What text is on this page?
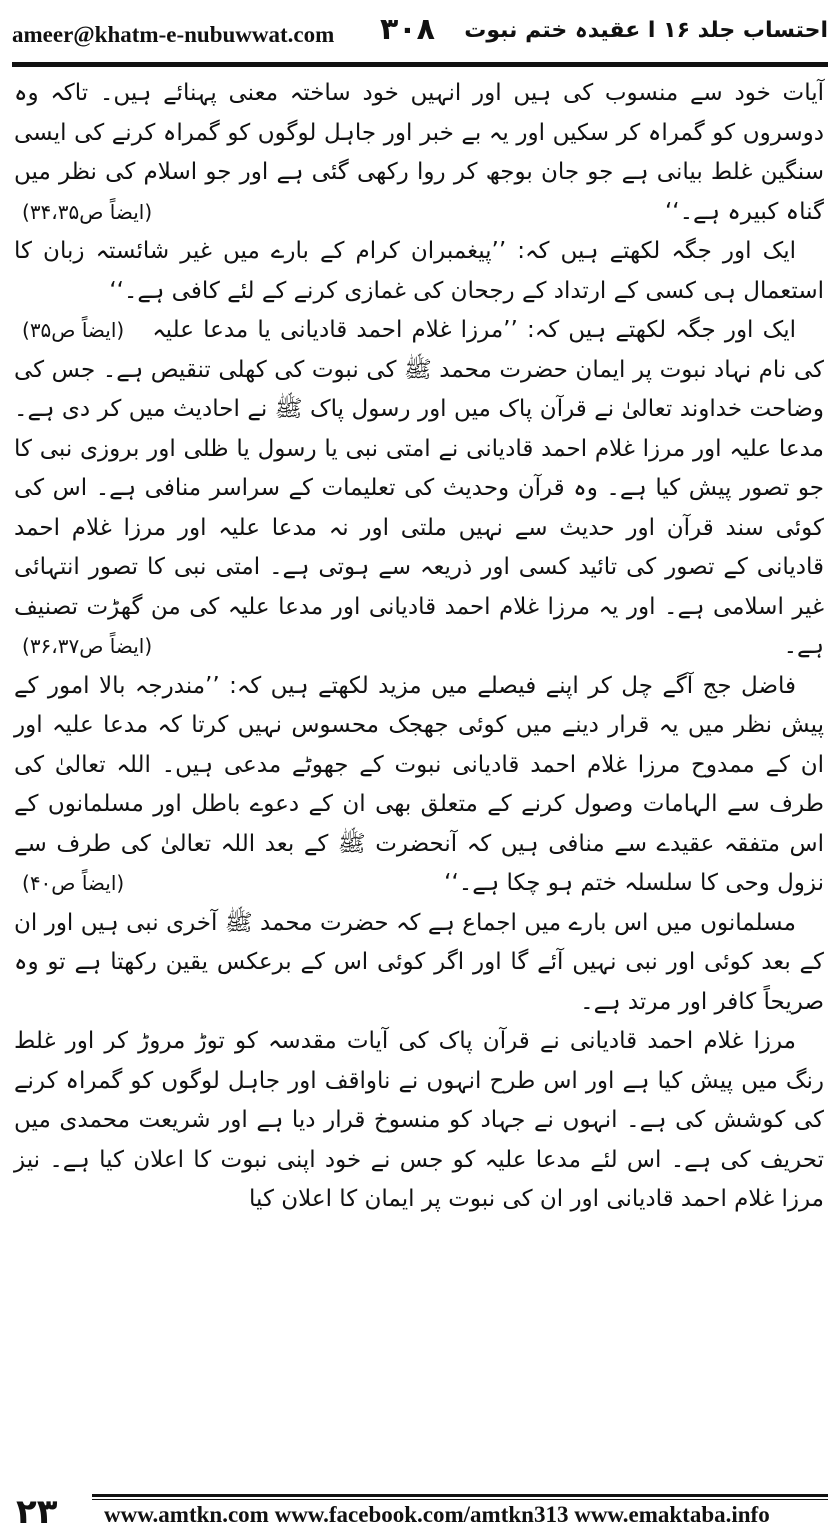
ameer@khatm-e-nubuwwat.com ۳۰۸ احتساب جلد ۱۶ ا عقیدہ ختم نبوت

آیات خود سے منسوب کی ہیں اور انہیں خود ساختہ معنی پہنائے ہیں۔ تاکہ وہ دوسروں کو گمراہ کر سکیں اور یہ بے خبر اور جاہل لوگوں کو گمراہ کرنے کی ایسی سنگین غلط بیانی ہے جو جان بوجھ کر روا رکھی گئی ہے اور جو اسلام کی نظر میں گناہ کبیرہ ہے۔‘‘
(ایضاً ص۳۴،۳۵)

ایک اور جگہ لکھتے ہیں کہ: ’’پیغمبران کرام کے بارے میں غیر شائستہ زبان کا استعمال ہی کسی کے ارتداد کے رجحان کی غمازی کرنے کے لئے کافی ہے۔‘‘
(ایضاً ص۳۵)	ایک اور جگہ لکھتے ہیں کہ: ’’مرزا غلام احمد قادیانی یا مدعا علیہ کی نام نہاد نبوت پر ایمان حضرت محمد ﷺ کی نبوت کی کھلی تنقیص ہے۔ جس کی وضاحت خداوند تعالیٰ نے قرآن پاک میں اور رسول پاک ﷺ نے احادیث میں کر دی ہے۔ مدعا علیہ اور مرزا غلام احمد قادیانی نے امتی نبی یا رسول یا ظلی اور بروزی نبی کا جو تصور پیش کیا ہے۔ وہ قرآن وحدیث کی تعلیمات کے سراسر منافی ہے۔ اس کی کوئی سند قرآن اور حدیث سے نہیں ملتی اور نہ مدعا علیہ اور مرزا غلام احمد قادیانی کے تصور کی تائید کسی اور ذریعہ سے ہوتی ہے۔ امتی نبی کا تصور انتہائی غیر اسلامی ہے۔ اور یہ مرزا غلام احمد قادیانی اور مدعا علیہ کی من گھڑت تصنیف ہے۔
(ایضاً ص۳۶،۳۷)

فاضل جج آگے چل کر اپنے فیصلے میں مزید لکھتے ہیں کہ: ’’مندرجہ بالا امور کے پیش نظر میں یہ قرار دینے میں کوئی جھجک محسوس نہیں کرتا کہ مدعا علیہ اور ان کے ممدوح مرزا غلام احمد قادیانی نبوت کے جھوٹے مدعی ہیں۔ اللہ تعالیٰ کی طرف سے الہامات وصول کرنے کے متعلق بھی ان کے دعوے باطل اور مسلمانوں کے اس متفقہ عقیدے سے منافی ہیں کہ آنحضرت ﷺ کے بعد اللہ تعالیٰ کی طرف سے نزول وحی کا سلسلہ ختم ہو چکا ہے۔‘‘
(ایضاً ص۴۰)

مسلمانوں میں اس بارے میں اجماع ہے کہ حضرت محمد ﷺ آخری نبی ہیں اور ان کے بعد کوئی اور نبی نہیں آئے گا اور اگر کوئی اس کے برعکس یقین رکھتا ہے تو وہ صریحاً کافر اور مرتد ہے۔

مرزا غلام احمد قادیانی نے قرآن پاک کی آیات مقدسہ کو توڑ مروڑ کر اور غلط رنگ میں پیش کیا ہے اور اس طرح انہوں نے ناواقف اور جاہل لوگوں کو گمراہ کرنے کی کوشش کی ہے۔ انہوں نے جہاد کو منسوخ قرار دیا ہے اور شریعت محمدی میں تحریف کی ہے۔ اس لئے مدعا علیہ کو جس نے خود اپنی نبوت کا اعلان کیا ہے۔ نیز مرزا غلام احمد قادیانی اور ان کی نبوت پر ایمان کا اعلان کیا

۲۳ www.amtkn.com www.facebook.com/amtkn313 www.emaktaba.info
